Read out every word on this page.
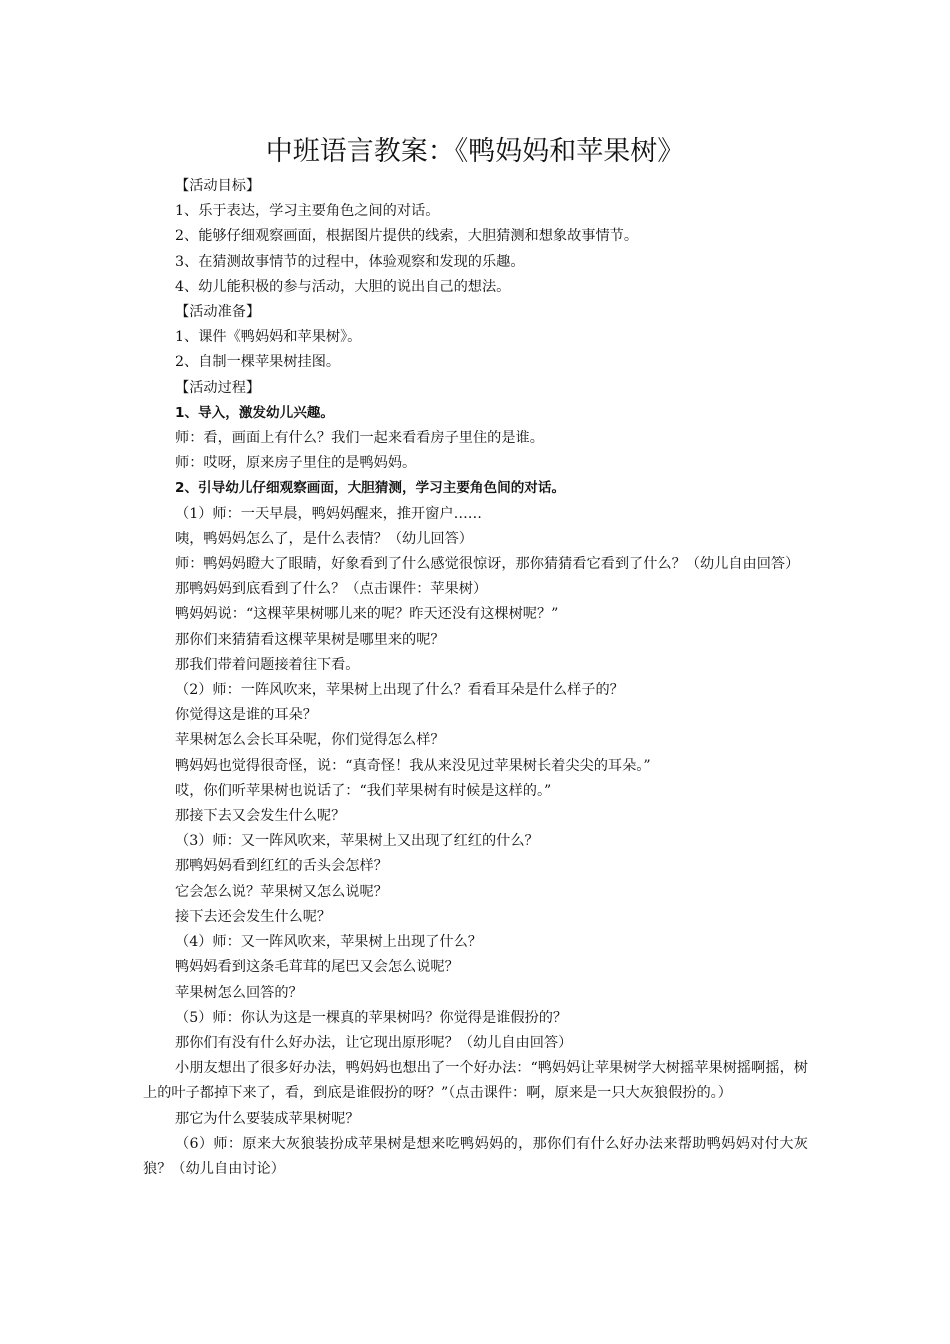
中班语言教案：《鸭妈妈和苹果树》

【活动目标】

1、乐于表达，学习主要角色之间的对话。

2、能够仔细观察画面，根据图片提供的线索，大胆猜测和想象故事情节。

3、在猜测故事情节的过程中，体验观察和发现的乐趣。

4、幼儿能积极的参与活动，大胆的说出自己的想法。

【活动准备】

1、课件《鸭妈妈和苹果树》。

2、自制一棵苹果树挂图。

【活动过程】

1、导入，激发幼儿兴趣。

师：看，画面上有什么？我们一起来看看房子里住的是谁。

师：哎呀，原来房子里住的是鸭妈妈。

2、引导幼儿仔细观察画面，大胆猜测，学习主要角色间的对话。

（1）师：一天早晨，鸭妈妈醒来，推开窗户……

咦，鸭妈妈怎么了，是什么表情？（幼儿回答）

师：鸭妈妈瞪大了眼睛，好象看到了什么感觉很惊讶，那你猜猜看它看到了什么？（幼儿自由回答）

那鸭妈妈到底看到了什么？（点击课件：苹果树）

鸭妈妈说：“这棵苹果树哪儿来的呢？昨天还没有这棵树呢？”

那你们来猜猜看这棵苹果树是哪里来的呢？

那我们带着问题接着往下看。

（2）师：一阵风吹来，苹果树上出现了什么？看看耳朵是什么样子的？

你觉得这是谁的耳朵？

苹果树怎么会长耳朵呢，你们觉得怎么样？

鸭妈妈也觉得很奇怪，说：“真奇怪！我从来没见过苹果树长着尖尖的耳朵。”

哎，你们听苹果树也说话了：“我们苹果树有时候是这样的。”

那接下去又会发生什么呢？

（3）师：又一阵风吹来，苹果树上又出现了红红的什么？

那鸭妈妈看到红红的舌头会怎样？

它会怎么说？苹果树又怎么说呢？

接下去还会发生什么呢？

（4）师：又一阵风吹来，苹果树上出现了什么？

鸭妈妈看到这条毛茸茸的尾巴又会怎么说呢？

苹果树怎么回答的？

（5）师：你认为这是一棵真的苹果树吗？你觉得是谁假扮的？

那你们有没有什么好办法，让它现出原形呢？（幼儿自由回答）

小朋友想出了很多好办法，鸭妈妈也想出了一个好办法：“鸭妈妈让苹果树学大树摇苹果树摇啊摇，树上的叶子都掉下来了，看，到底是谁假扮的呀？”（点击课件：啊，原来是一只大灰狼假扮的。）

那它为什么要装成苹果树呢？

（6）师：原来大灰狼装扮成苹果树是想来吃鸭妈妈的，那你们有什么好办法来帮助鸭妈妈对付大灰狼？（幼儿自由讨论）
